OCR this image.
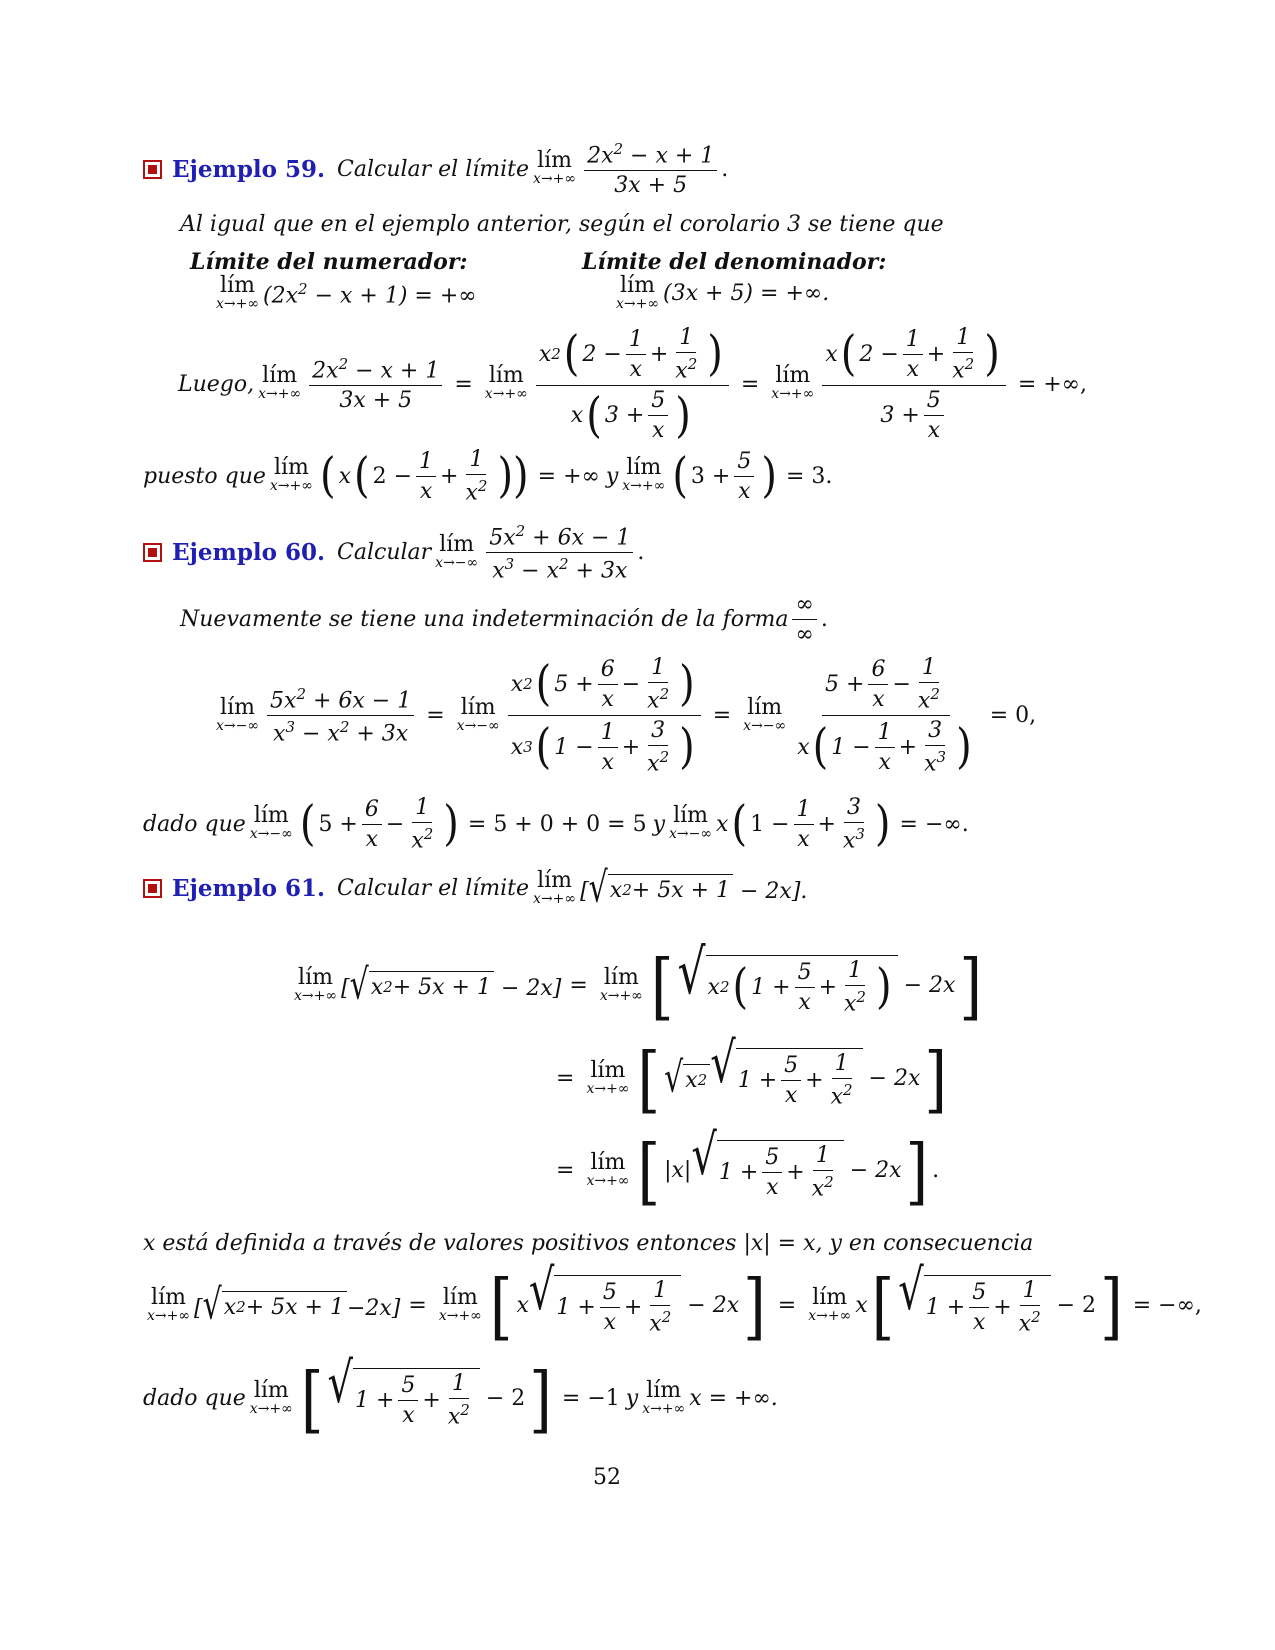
Ejemplo 59. Calcular el límite lím
x→+∞
$2x^2 - x + 1$
3x + 5
.
Al igual que en el ejemplo anterior, según el corolario 3 se tiene que
Límite del numerador:
lím
x→+∞ $(2x^2 - x + 1)$ = +∞
Límite del denominador:
lím
x→+∞ (3x + 5) = +∞.
Luego, lím
$x\to+\infty \frac{2x^2 - x + 1}{3x + 5}$ = lím
x→+∞ x 2 ( 2 −
1
x
+
1
$x^2$ )
x ( 3 +
5
x ) = lím
x→+∞ x ( 2 −
1
x
+
1
$x^2$ )
3 +
5
x = +∞,
puesto que lím
x→+∞ ( x ( 2 −
1
x
+
1
$x^2$ )) = +∞ y lím
x→+∞ ( 3 +
5
x ) = 3.
Ejemplo 60. Calcular lím
x→−∞
$5x^2 + 6x - 1$
$x^3 - x^2 + 3x$
.
Nuevamente se tiene una indeterminación de la forma
∞
∞
.
lím
$x\to-\infty \frac{5x^2 + 6x - 1}{x^3 - x^2 + 3x}$ = lím
x→−∞ x 2 ( 5 +
6
x
−
1
$x^2$ )
x 3 ( 1 −
1
x
+
3
$x^2$ ) = lím
x→−∞ 5 +
6
x
−
1
$x^2$
x ( 1 −
1
x
+
3
$x^3$ ) = 0,
dado que lím
x→−∞ ( 5 +
6
x
−
1
$x^2$ ) = 5 + 0 + 0 = 5 y lím
x→−∞ x ( 1 −
1
x
+
3
$x^3$ ) = −∞.
Ejemplo 61. Calcular el límite lím
x→+∞ [ √ x 2 + 5x + 1 − 2x].
lím
x→+∞ [ √ x 2 + 5x + 1 − 2x] = lím
x→+∞ [ √ x 2 ( 1 +
5
x
+
1
$x^2$ ) − 2x ]
= lím
x→+∞ [ √ x 2 √ 1 +
5
x
+
1
$x^2 - 2x$ ]
= lím
x→+∞ [ |x| √ 1 +
5
x
+
1
$x^2 - 2x$ ] .
x está definida a través de valores positivos entonces |x| = x, y en consecuencia
lím
x→+∞ [ √ x 2 + 5x + 1 −2x] = lím
x→+∞ [ x √ 1 +
5
x
+
1
$x^2 - 2x$ ] = lím
x→+∞ x [ √ 1 +
5
x
+
1
$x^2 - 2$ ] = −∞,
dado que lím
x→+∞ [ √ 1 +
5
x
+
1
$x^2 - 2$ ] = −1 y lím
x→+∞ x = +∞.
52
